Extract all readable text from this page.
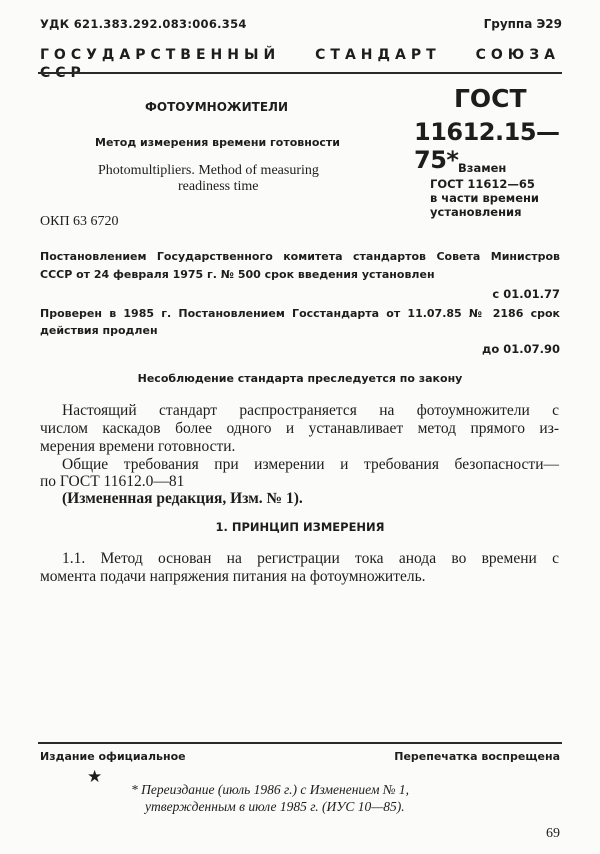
УДК 621.383.292.083:006.354	Группа Э29
ГОСУДАРСТВЕННЫЙ СТАНДАРТ СОЮЗА ССР
ФОТОУМНОЖИТЕЛИ
Метод измерения времени готовности
Photomultipliers. Method of measuring
readiness time
ГОСТ
11612.15—75* Взамен
ГОСТ 11612—65
в части времени
установления
ОКП 63 6720
Постановлением Государственного комитета стандартов Совета Министров
СССР от 24 февраля 1975 г. № 500 срок введения установлен
с 01.01.77
Проверен в 1985 г. Постановлением Госстандарта от 11.07.85 № 2186 срок
действия продлен
до 01.07.90
Несоблюдение стандарта преследуется по закону
Настоящий стандарт распространяется на фотоумножители с
числом каскадов более одного и устанавливает метод прямого из-
мерения времени готовности.
Общие требования при измерении и требования безопасности—
по ГОСТ 11612.0—81
(Измененная редакция, Изм. № 1).
1. ПРИНЦИП ИЗМЕРЕНИЯ
1.1. Метод основан на регистрации тока анода во времени с
момента подачи напряжения питания на фотоумножитель.
Издание официальное	Перепечатка воспрещена
★
* Переиздание (июль 1986 г.) с Изменением № 1,
утвержденным в июле 1985 г. (ИУС 10—85).
69
